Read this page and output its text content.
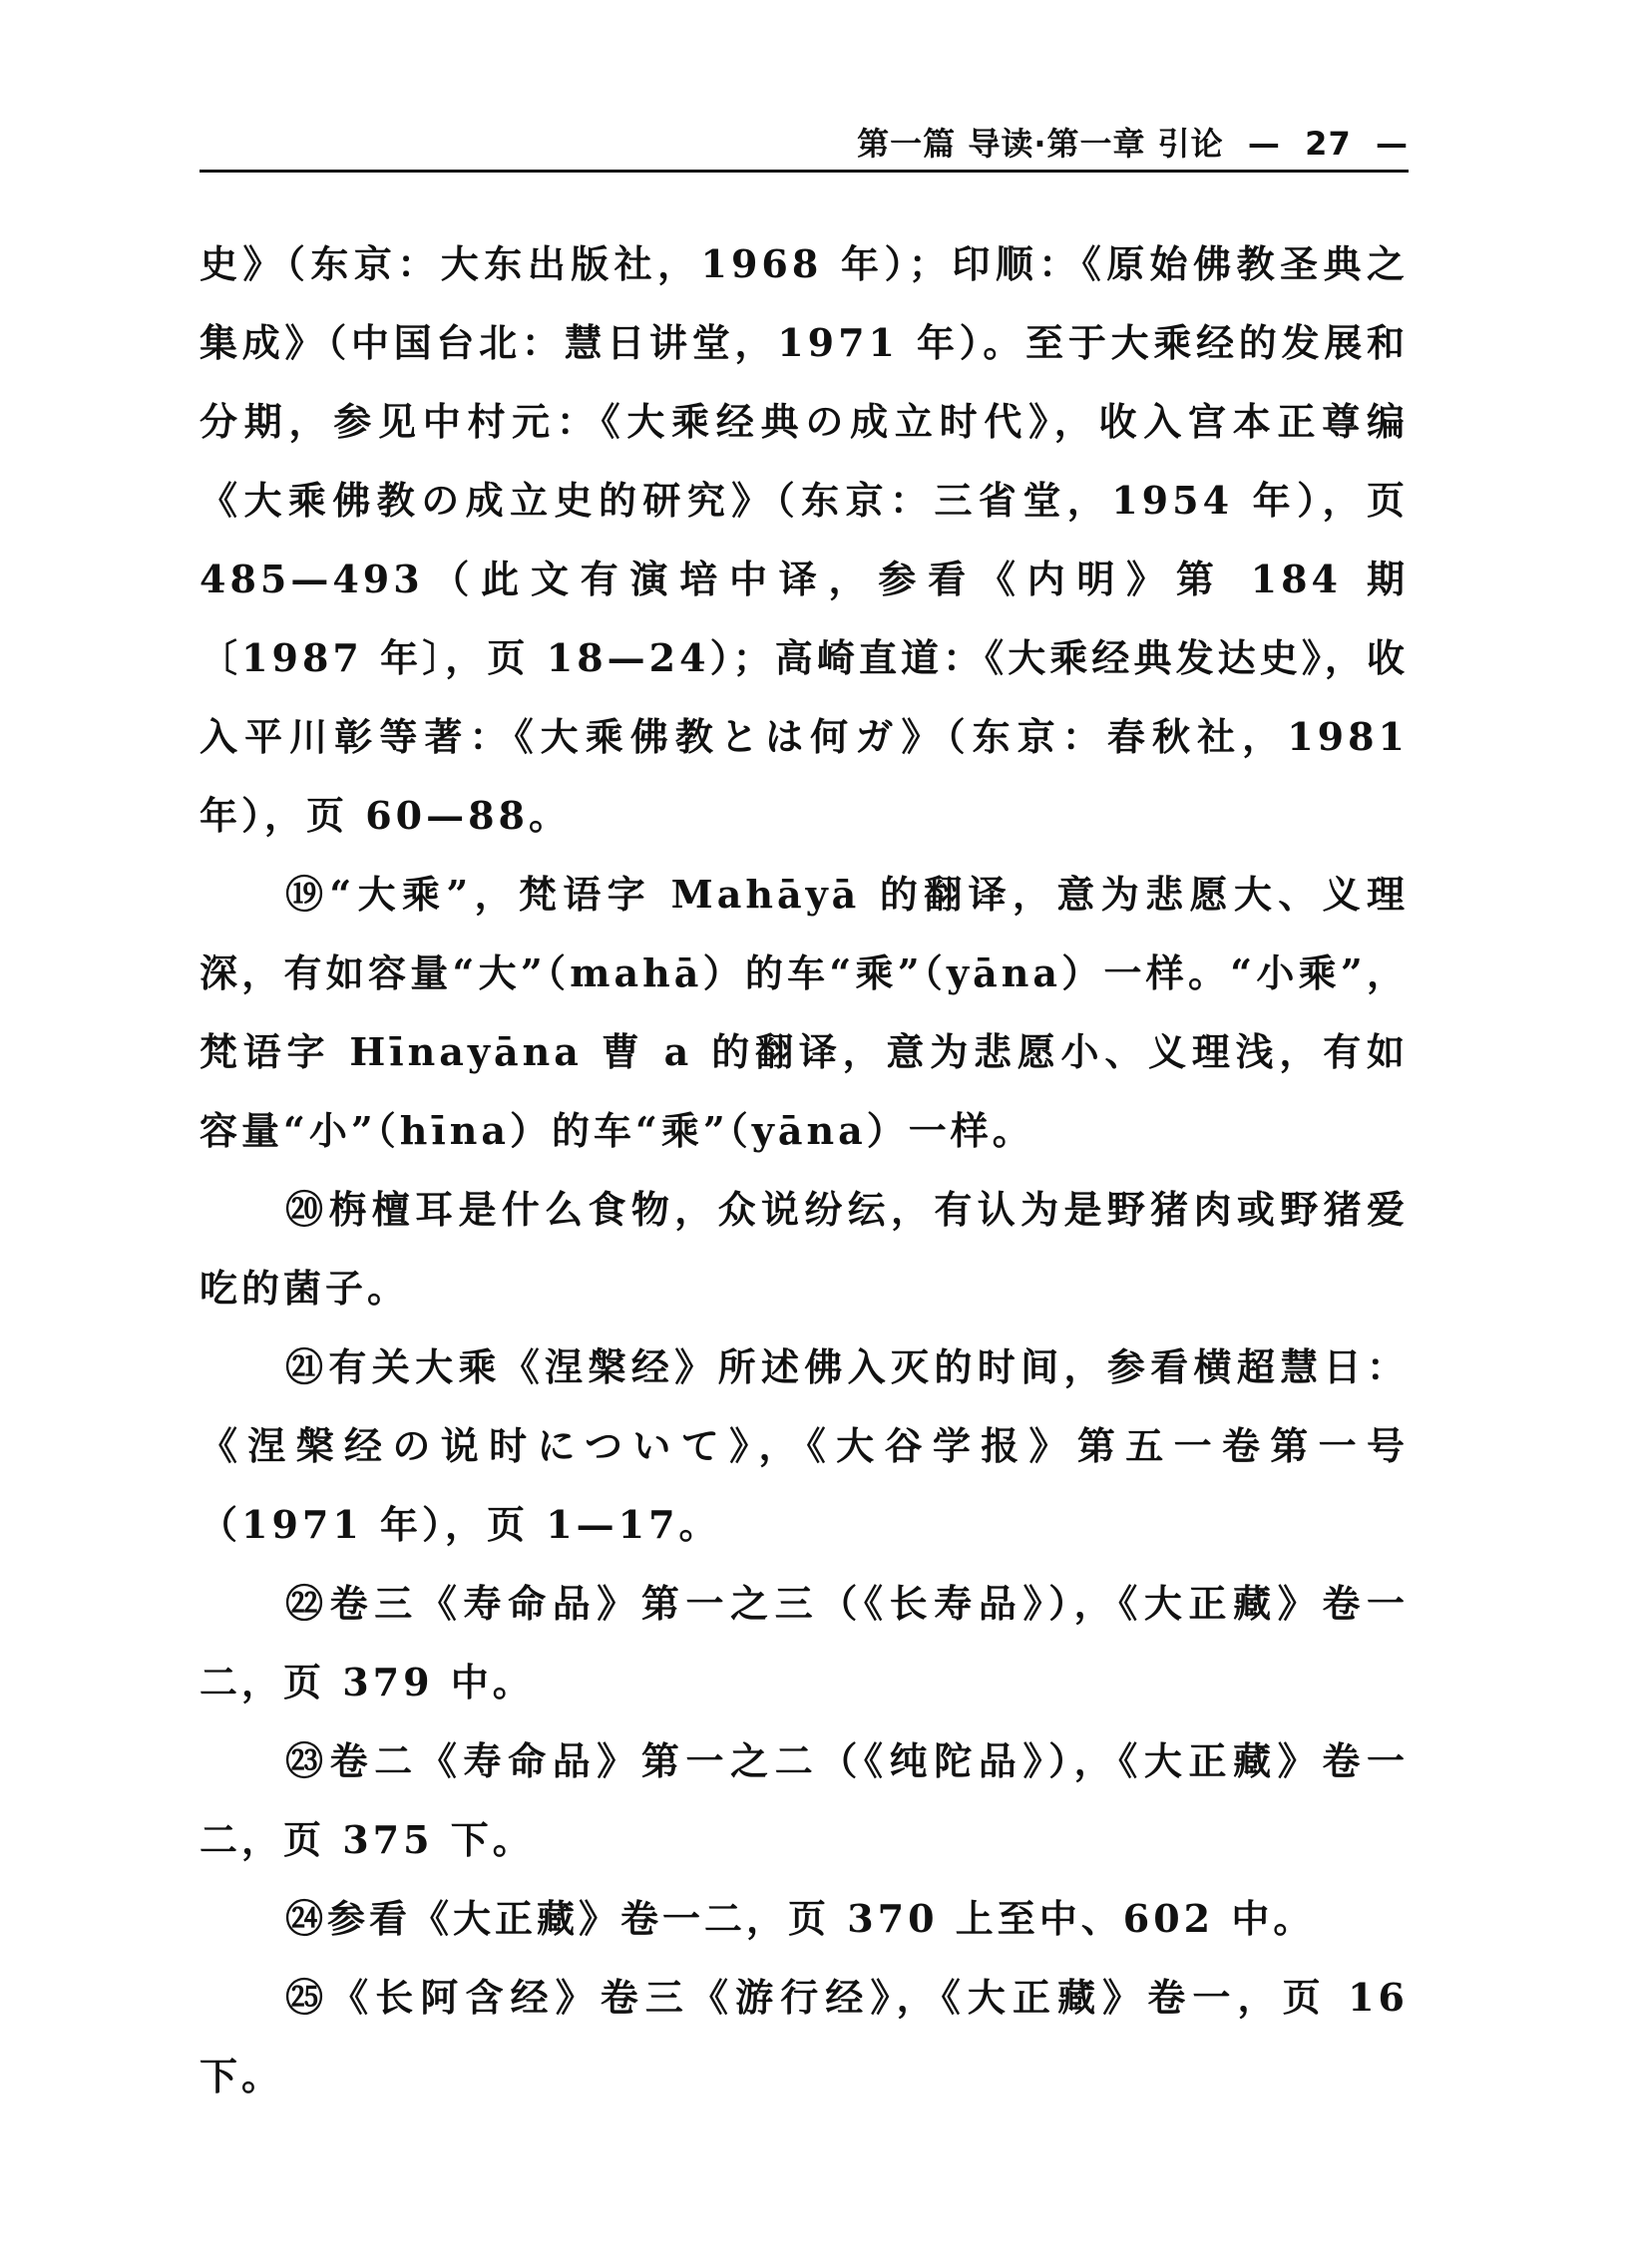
第一篇 导读·第一章 引论  —  27  —

史》（东京：大东出版社，1968 年）；印顺：《原始佛教圣典之集成》（中国台北：慧日讲堂，1971 年）。至于大乘经的发展和分期，参见中村元：《大乘经典の成立时代》，收入宫本正尊编《大乘佛教の成立史的研究》（东京：三省堂，1954 年），页 485—493（此文有演培中译，参看《内明》第 184 期〔1987 年〕，页 18—24）；高崎直道：《大乘经典发达史》，收入平川彰等著：《大乘佛教とは何ガ》（东京：春秋社，1981 年），页 60—88。

⑲“大乘”，梵语字 Mahāyā 的翻译，意为悲愿大、义理深，有如容量“大”（mahā）的车“乘”（yāna）一样。“小乘”，梵语字 Hīnayāna 曹 a 的翻译，意为悲愿小、义理浅，有如容量“小”（hīna）的车“乘”（yāna）一样。

⑳栴檀耳是什么食物，众说纷纭，有认为是野猪肉或野猪爱吃的菌子。

㉑有关大乘《涅槃经》所述佛入灭的时间，参看横超慧日：《涅槃经の说时について》，《大谷学报》第五一卷第一号（1971 年），页 1—17。

㉒卷三《寿命品》第一之三（《长寿品》），《大正藏》卷一二，页 379 中。

㉓卷二《寿命品》第一之二（《纯陀品》），《大正藏》卷一二，页 375 下。

㉔参看《大正藏》卷一二，页 370 上至中、602 中。

㉕《长阿含经》卷三《游行经》，《大正藏》卷一，页 16 下。
